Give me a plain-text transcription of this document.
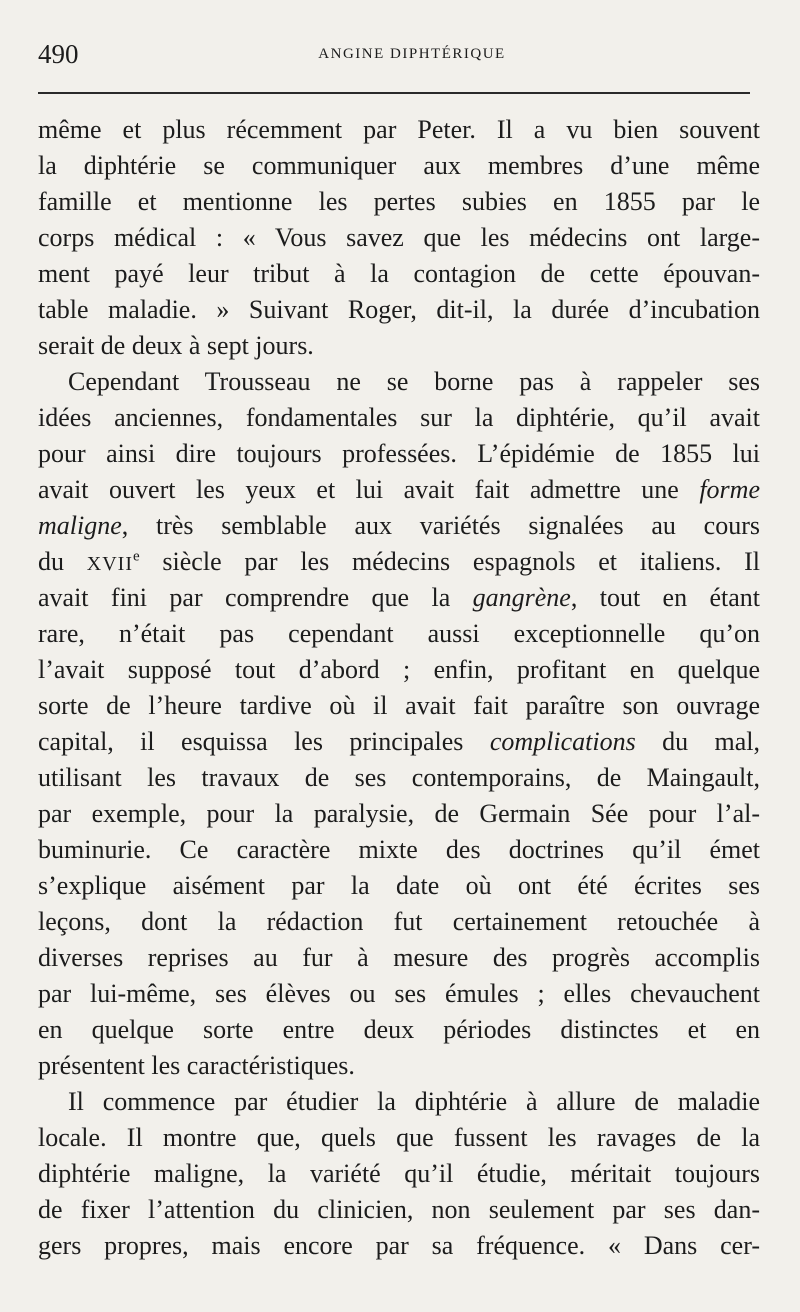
490	ANGINE DIPHTÉRIQUE
même et plus récemment par Peter. Il a vu bien souvent
la diphtérie se communiquer aux membres d’une même
famille et mentionne les pertes subies en 1855 par le
corps médical : « Vous savez que les médecins ont large-
ment payé leur tribut à la contagion de cette épouvan-
table maladie. » Suivant Roger, dit-il, la durée d’incubation
serait de deux à sept jours.
Cependant Trousseau ne se borne pas à rappeler ses
idées anciennes, fondamentales sur la diphtérie, qu’il avait
pour ainsi dire toujours professées. L’épidémie de 1855 lui
avait ouvert les yeux et lui avait fait admettre une forme
maligne, très semblable aux variétés signalées au cours
du XVIIe siècle par les médecins espagnols et italiens. Il
avait fini par comprendre que la gangrène, tout en étant
rare, n’était pas cependant aussi exceptionnelle qu’on
l’avait supposé tout d’abord ; enfin, profitant en quelque
sorte de l’heure tardive où il avait fait paraître son ouvrage
capital, il esquissa les principales complications du mal,
utilisant les travaux de ses contemporains, de Maingault,
par exemple, pour la paralysie, de Germain Sée pour l’al-
buminurie. Ce caractère mixte des doctrines qu’il émet
s’explique aisément par la date où ont été écrites ses
leçons, dont la rédaction fut certainement retouchée à
diverses reprises au fur à mesure des progrès accomplis
par lui-même, ses élèves ou ses émules ; elles chevauchent
en quelque sorte entre deux périodes distinctes et en
présentent les caractéristiques.
Il commence par étudier la diphtérie à allure de maladie
locale. Il montre que, quels que fussent les ravages de la
diphtérie maligne, la variété qu’il étudie, méritait toujours
de fixer l’attention du clinicien, non seulement par ses dan-
gers propres, mais encore par sa fréquence. « Dans cer-
